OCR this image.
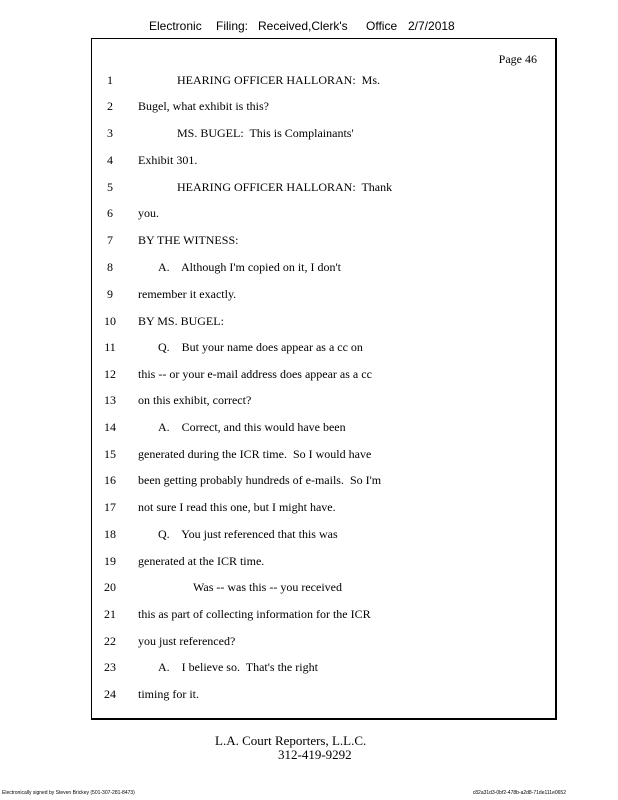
Electronic Filing: Received,Clerk's Office 2/7/2018
Page 46
1	HEARING OFFICER HALLORAN:  Ms.
2	Bugel, what exhibit is this?
3	MS. BUGEL:  This is Complainants'
4	Exhibit 301.
5	HEARING OFFICER HALLORAN:  Thank
6	you.
7	BY THE WITNESS:
8	A.    Although I'm copied on it, I don't
9	remember it exactly.
10	BY MS. BUGEL:
11	Q.    But your name does appear as a cc on
12	this -- or your e-mail address does appear as a cc
13	on this exhibit, correct?
14	A.    Correct, and this would have been
15	generated during the ICR time.  So I would have
16	been getting probably hundreds of e-mails.  So I'm
17	not sure I read this one, but I might have.
18	Q.    You just referenced that this was
19	generated at the ICR time.
20	Was -- was this -- you received
21	this as part of collecting information for the ICR
22	you just referenced?
23	A.    I believe so.  That's the right
24	timing for it.
L.A. Court Reporters, L.L.C.
312-419-9292
Electronically signed by Steven Brickey (501-307-281-8473)	c82a31d3-0bf2-478b-a2d8-71de111e0652
